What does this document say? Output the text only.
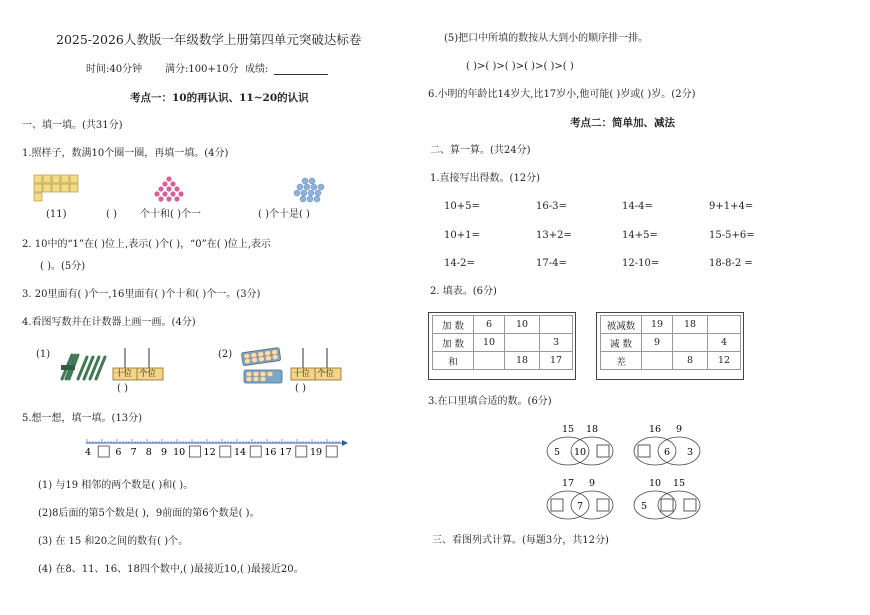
2025-2026人教版一年级数学上册第四单元突破达标卷
时间:40分钟 满分:100+10分 成绩:
考点一：10的再认识、11~20的认识
一、填一填。(共31分)
1.照样子，数满10个圈一圈，再填一填。(4分)
(11)	( ) 个十和( )个一	( )个十是( )
2. 10中的“1”在( )位上,表示( )个( )，“0”在( )位上,表示
( )。(5分)
3. 20里面有( )个一,16里面有( )个十和( )个一。(3分)
4.看图写数并在计数器上画一画。(4分)
(1)
十位 个位
( )
(2)
十位 个位
( )
5.想一想，填一填。(13分)
4	6 7 8 9 10 12 14 16 17 19
(1) 与19 相邻的两个数是( )和( )。
(2)8后面的第5个数是( )，9前面的第6个数是( )。
(3) 在 15 和20之间的数有( )个。
(4) 在8、11、16、18四个数中,( )最接近10,( )最接近20。
(5)把口中所填的数按从大到小的顺序排一排。
( )>( )>( )>( )>( )>( )
6.小明的年龄比14岁大,比17岁小,他可能( )岁或( )岁。(2分)
考点二：简单加、减法
二、算一算。(共24分)
1.直接写出得数。(12分)
10+5=	16-3=	14-4=	9+1+4=
10+1=	13+2=	14+5=	15-5+6=
14-2=	17-4=	12-10=	18-8-2 =
2. 填表。(6分)
加 数	6	10	
加 数	10		3
和		18	17
被减数	19	18	
减 数	9		4
差		8	12
3.在口里填合适的数。(6分)
15 18
5 10
16 9
6 3
17 9
7
10 15
5
三、看图列式计算。(每题3分，共12分)
